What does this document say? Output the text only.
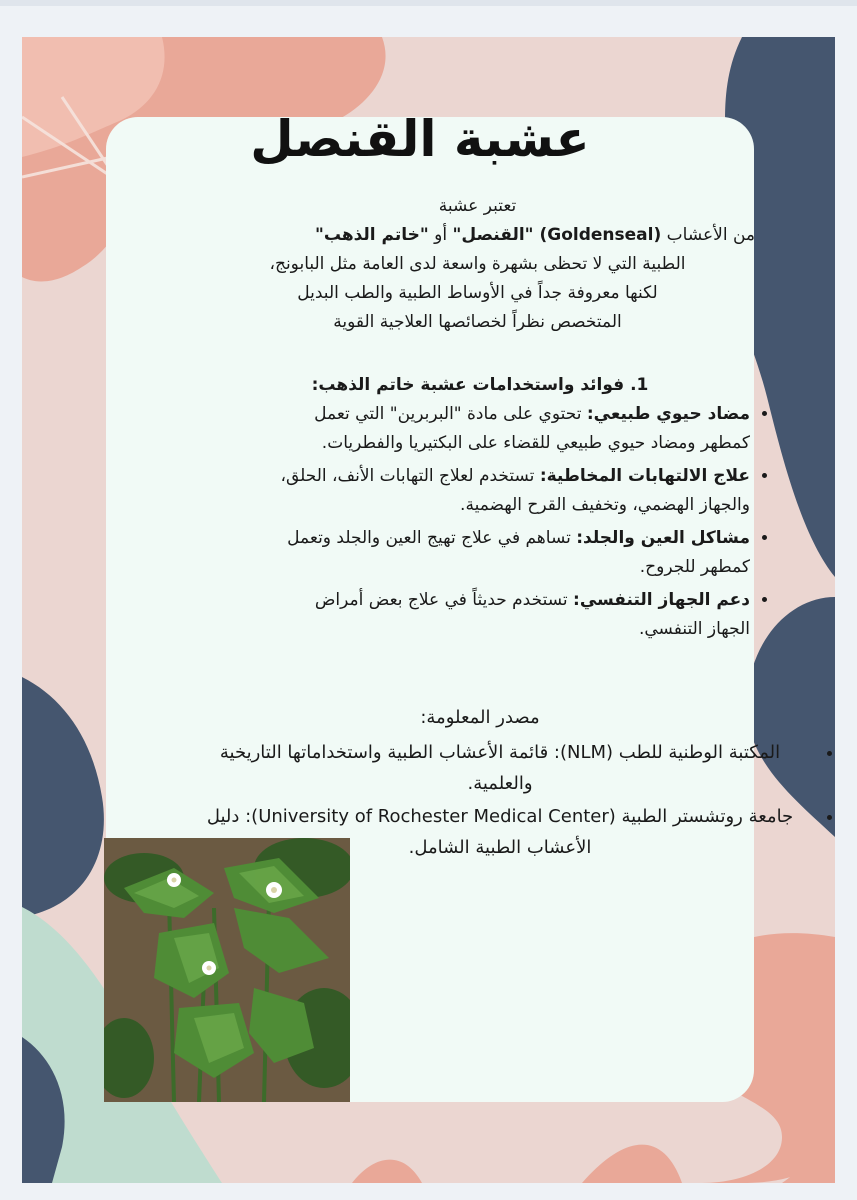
عشبة القنصل
تعتبر عشبة
من الأعشاب (Goldenseal) "القنصل" أو "خاتم الذهب"
الطبية التي لا تحظى بشهرة واسعة لدى العامة مثل البابونج،
لكنها معروفة جداً في الأوساط الطبية والطب البديل
المتخصص نظراً لخصائصها العلاجية القوية
1. فوائد واستخدامات عشبة خاتم الذهب:
• مضاد حيوي طبيعي: تحتوي على مادة "البربرين" التي تعمل كمطهر ومضاد حيوي طبيعي للقضاء على البكتيريا والفطريات.
• علاج الالتهابات المخاطية: تستخدم لعلاج التهابات الأنف، الحلق، والجهاز الهضمي، وتخفيف القرح الهضمية.
• مشاكل العين والجلد: تساهم في علاج تهيج العين والجلد وتعمل كمطهر للجروح.
• دعم الجهاز التنفسي: تستخدم حديثاً في علاج بعض أمراض الجهاز التنفسي.
مصدر المعلومة:
• المكتبة الوطنية للطب (NLM): قائمة الأعشاب الطبية واستخداماتها التاريخية والعلمية.
• جامعة روتشستر الطبية (University of Rochester Medical Center): دليل الأعشاب الطبية الشامل.
